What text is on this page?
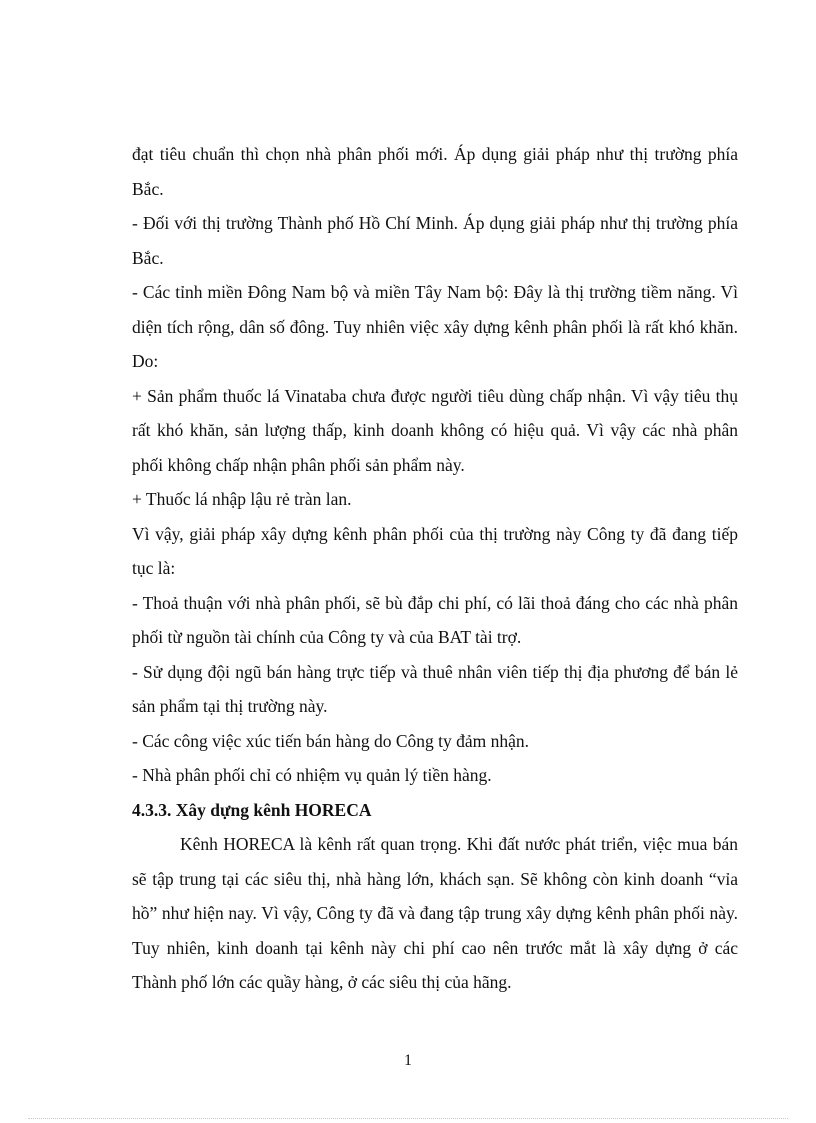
đạt tiêu chuẩn thì chọn nhà phân phối mới. Áp dụng giải pháp như thị trường phía Bắc.

- Đối với thị trường Thành phố Hồ Chí Minh. Áp dụng giải pháp như thị trường phía Bắc.

- Các tỉnh miền Đông Nam bộ và miền Tây Nam bộ: Đây là thị trường tiềm năng. Vì diện tích rộng, dân số đông. Tuy nhiên việc xây dựng kênh phân phối là rất khó khăn. Do:

+ Sản phẩm thuốc lá Vinataba chưa được người tiêu dùng chấp nhận. Vì vậy tiêu thụ rất khó khăn, sản lượng thấp, kinh doanh không có hiệu quả. Vì vậy các nhà phân phối không chấp nhận phân phối sản phẩm này.

+ Thuốc lá nhập lậu rẻ tràn lan.

Vì vậy, giải pháp xây dựng kênh phân phối của thị trường này Công ty đã đang tiếp tục là:

- Thoả thuận với nhà phân phối, sẽ bù đắp chi phí, có lãi thoả đáng cho các nhà phân phối từ nguồn tài chính của Công ty và của BAT tài trợ.

- Sử dụng đội ngũ bán hàng trực tiếp và thuê nhân viên tiếp thị địa phương để bán lẻ sản phẩm tại thị trường này.

- Các công việc xúc tiến bán hàng do Công ty đảm nhận.

- Nhà phân phối chỉ có nhiệm vụ quản lý tiền hàng.

4.3.3. Xây dựng kênh HORECA

Kênh HORECA là kênh rất quan trọng. Khi đất nước phát triển, việc mua bán sẽ tập trung tại các siêu thị, nhà hàng lớn, khách sạn. Sẽ không còn kinh doanh “vỉa hồ” như hiện nay. Vì vậy, Công ty đã và đang tập trung xây dựng kênh phân phối này. Tuy nhiên, kinh doanh tại kênh này chi phí cao nên trước mắt là xây dựng ở các Thành phố lớn các quầy hàng, ở các siêu thị của hãng.

1
